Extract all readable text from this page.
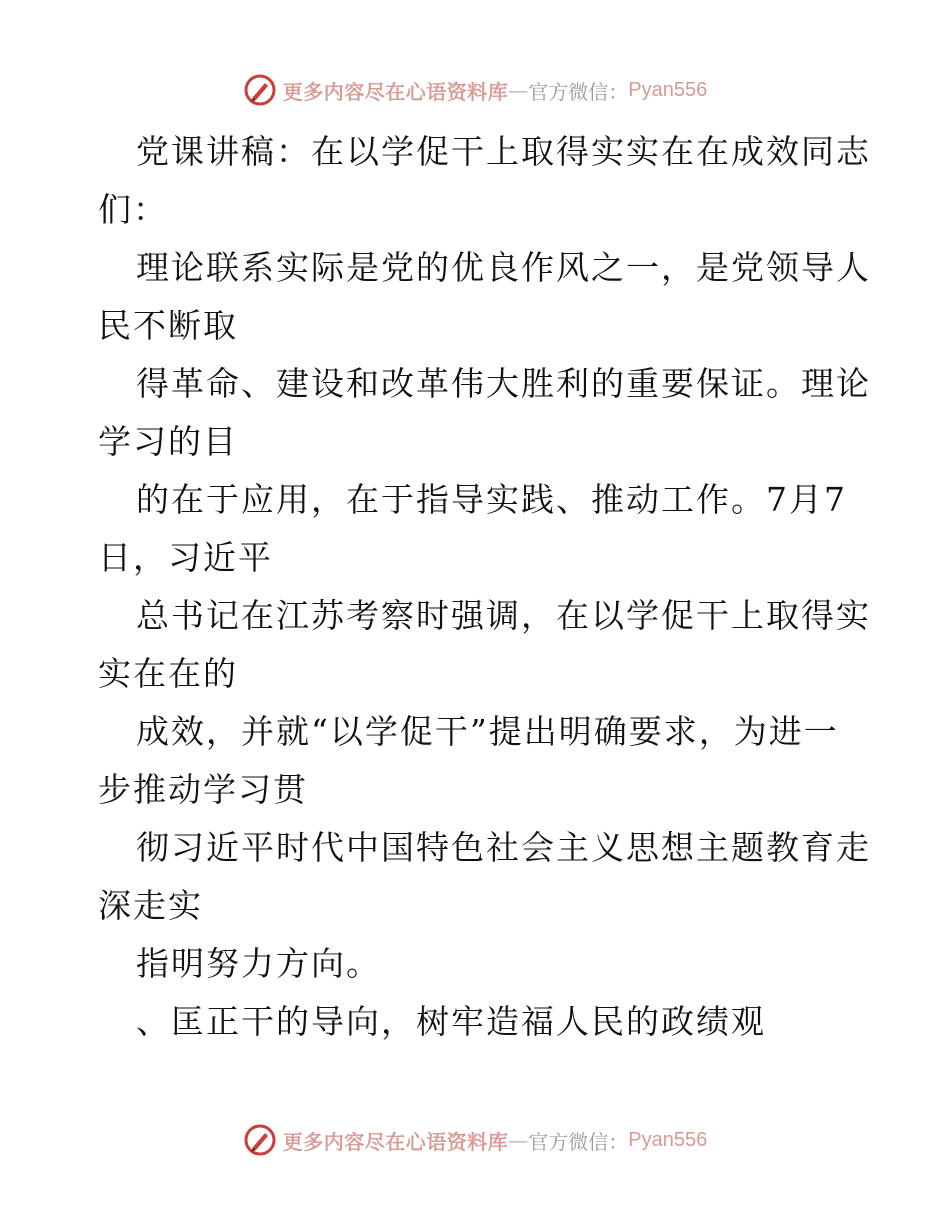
更多内容尽在心语资料库 — 官方微信： Pyan556
党课讲稿：在以学促干上取得实实在在成效同志
们：
理论联系实际是党的优良作风之一，是党领导人
民不断取
得革命、建设和改革伟大胜利的重要保证。理论
学习的目
的在于应用，在于指导实践、推动工作。7月7
日，习近平
总书记在江苏考察时强调，在以学促干上取得实
实在在的
成效，并就“以学促干”提出明确要求，为进一
步推动学习贯
彻习近平时代中国特色社会主义思想主题教育走
深走实
指明努力方向。
、匡正干的导向，树牢造福人民的政绩观
更多内容尽在心语资料库 — 官方微信： Pyan556
